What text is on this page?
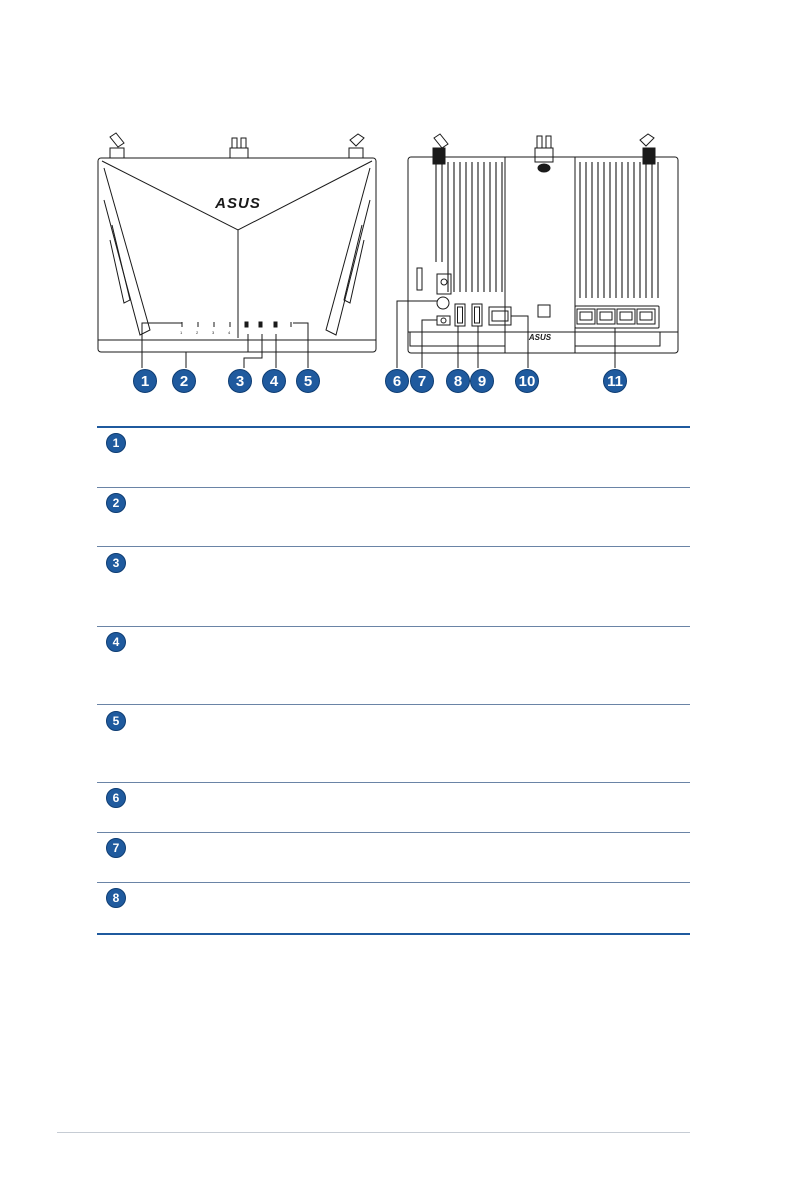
1	2	3	4
ASUS
ASUS
1	2	3	4	5	6	7	8	9	10	11
1
2
3
4
5
6
7
8
